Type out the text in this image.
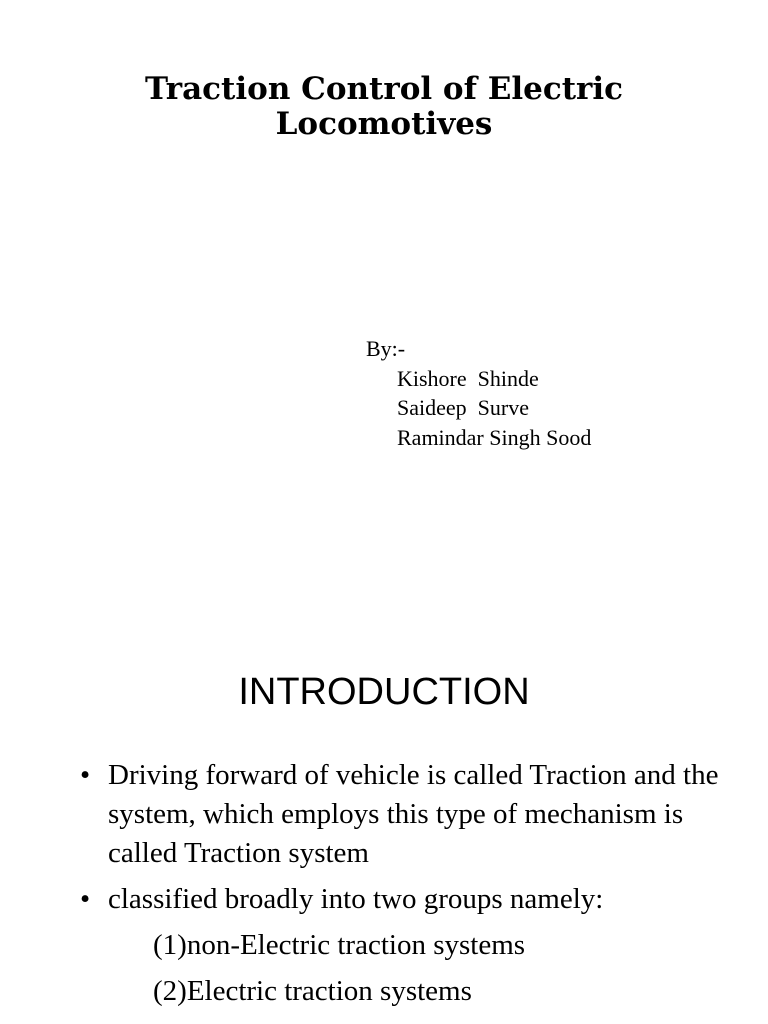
Traction Control of Electric
Locomotives
By:-
Kishore  Shinde
Saideep  Surve
Ramindar Singh Sood
INTRODUCTION
• Driving forward of vehicle is called Traction and the system, which employs this type of mechanism is called Traction system
• classified broadly into two groups namely:
(1)non-Electric traction systems
(2)Electric traction systems
